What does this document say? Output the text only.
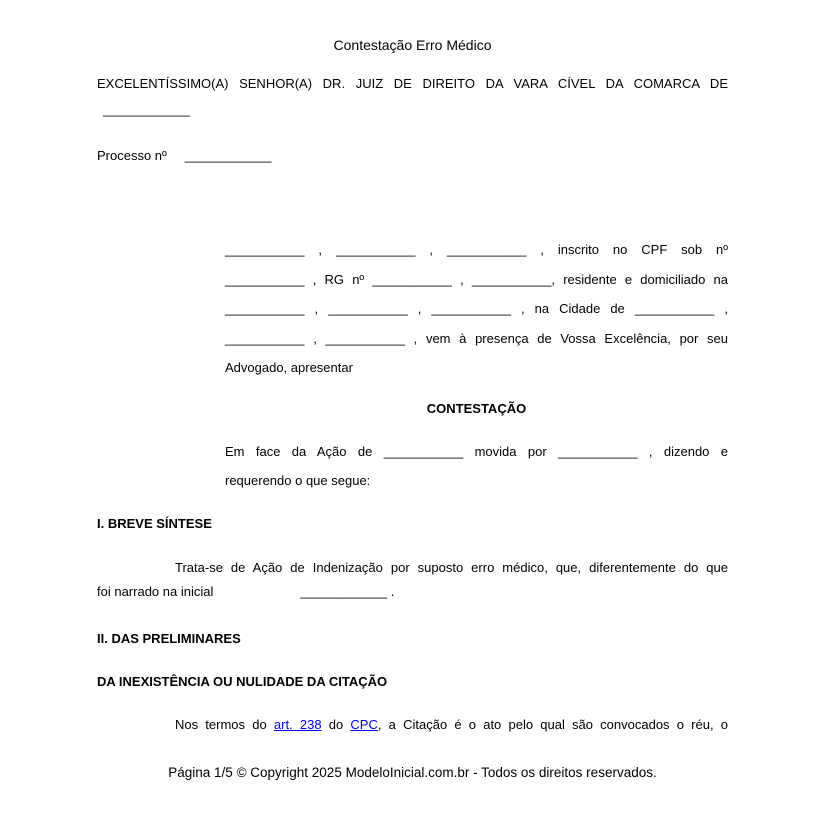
Contestação Erro Médico
EXCELENTÍSSIMO(A) SENHOR(A) DR. JUIZ DE DIREITO DA VARA CÍVEL DA COMARCA DE
____________
Processo nº ____________
___________ , ___________ , ___________ , inscrito no CPF sob nº
___________ , RG nº ___________ , ___________, residente e domiciliado na
___________ , ___________ , ___________ , na Cidade de ___________ ,
___________ , ___________ , vem à presença de Vossa Excelência, por seu
Advogado, apresentar
CONTESTAÇÃO
Em face da Ação de ___________ movida por ___________ , dizendo e
requerendo o que segue:
I. BREVE SÍNTESE
Trata-se de Ação de Indenização por suposto erro médico, que, diferentemente do que
foi narrado na inicial	____________ .
II. DAS PRELIMINARES
DA INEXISTÊNCIA OU NULIDADE DA CITAÇÃO
Nos termos do art. 238 do CPC, a Citação é o ato pelo qual são convocados o réu, o
Página 1/5 © Copyright 2025 ModeloInicial.com.br - Todos os direitos reservados.
